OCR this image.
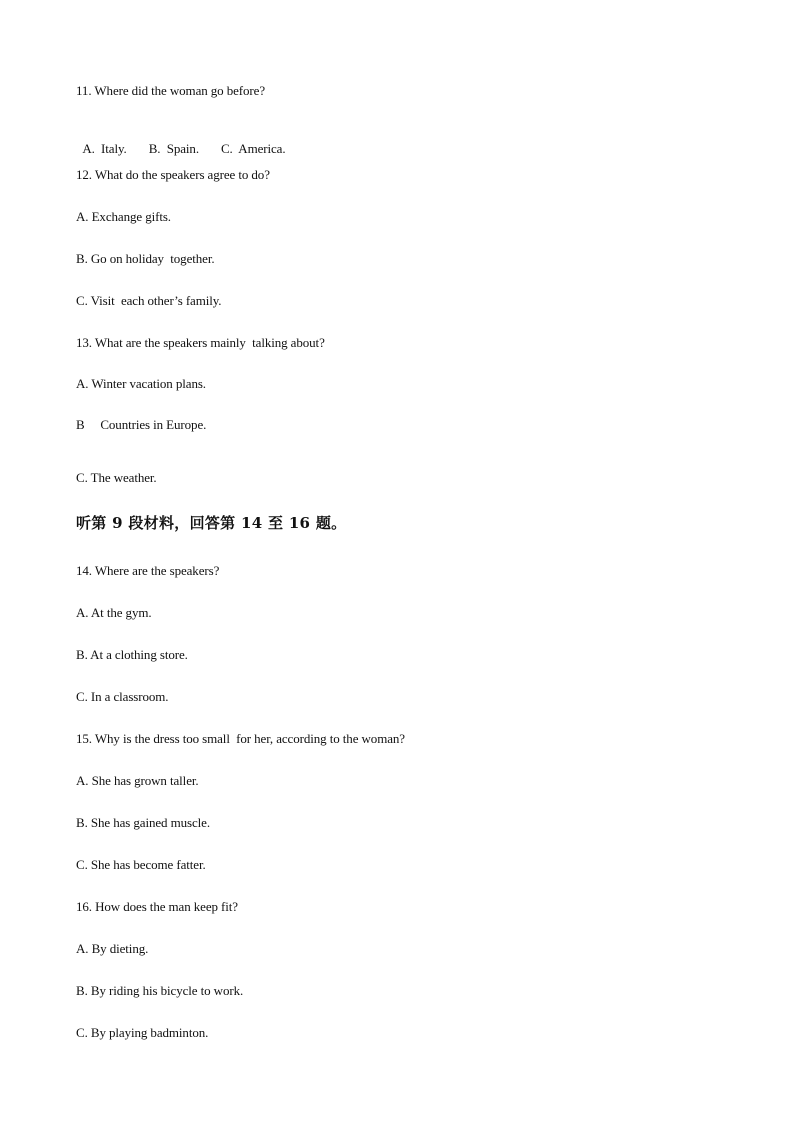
11. Where did the woman go before?

A.  Italy. B.  Spain. C.  America.

12. What do the speakers agree to do?
A. Exchange gifts.
B. Go on holiday  together.
C. Visit  each other’s family.
13. What are the speakers mainly  talking about?
A. Winter vacation plans.
B     Countries in Europe.
C. The weather.
听第 9 段材料，回答第 14 至 16 题。
14. Where are the speakers?
A. At the gym.
B. At a clothing store.
C. In a classroom.
15. Why is the dress too small  for her, according to the woman?
A. She has grown taller.
B. She has gained muscle.
C. She has become fatter.
16. How does the man keep fit?
A. By dieting.
B. By riding his bicycle to work.
C. By playing badminton.
